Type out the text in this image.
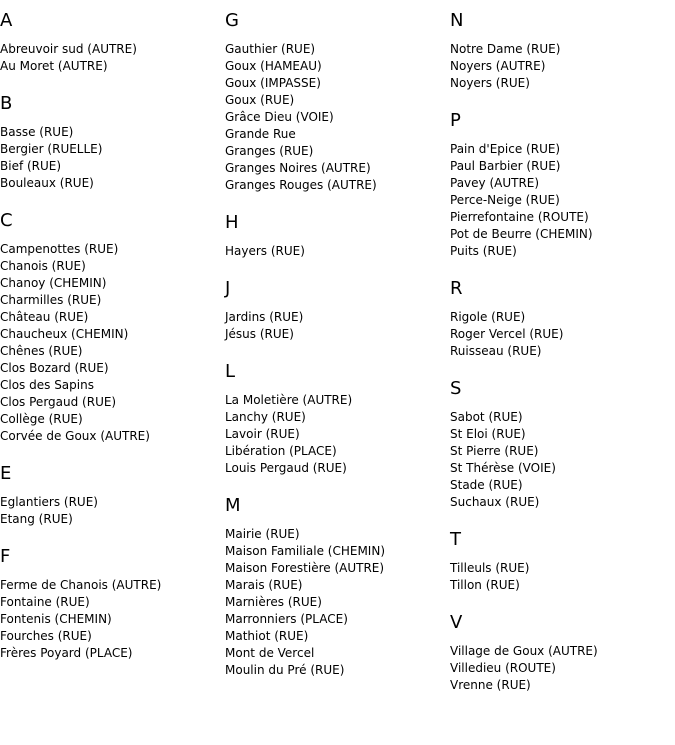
A
Abreuvoir sud (AUTRE)
Au Moret (AUTRE)
B
Basse (RUE)
Bergier (RUELLE)
Bief (RUE)
Bouleaux (RUE)
C
Campenottes (RUE)
Chanois (RUE)
Chanoy (CHEMIN)
Charmilles (RUE)
Château (RUE)
Chaucheux (CHEMIN)
Chênes (RUE)
Clos Bozard (RUE)
Clos des Sapins
Clos Pergaud (RUE)
Collège (RUE)
Corvée de Goux (AUTRE)
E
Eglantiers (RUE)
Etang (RUE)
F
Ferme de Chanois (AUTRE)
Fontaine (RUE)
Fontenis (CHEMIN)
Fourches (RUE)
Frères Poyard (PLACE)
G
Gauthier (RUE)
Goux (HAMEAU)
Goux (IMPASSE)
Goux (RUE)
Grâce Dieu (VOIE)
Grande Rue
Granges (RUE)
Granges Noires (AUTRE)
Granges Rouges (AUTRE)
H
Hayers (RUE)
J
Jardins (RUE)
Jésus (RUE)
L
La Moletière (AUTRE)
Lanchy (RUE)
Lavoir (RUE)
Libération (PLACE)
Louis Pergaud (RUE)
M
Mairie (RUE)
Maison Familiale (CHEMIN)
Maison Forestière (AUTRE)
Marais (RUE)
Marnières (RUE)
Marronniers (PLACE)
Mathiot (RUE)
Mont de Vercel
Moulin du Pré (RUE)
N
Notre Dame (RUE)
Noyers (AUTRE)
Noyers (RUE)
P
Pain d'Epice (RUE)
Paul Barbier (RUE)
Pavey (AUTRE)
Perce-Neige (RUE)
Pierrefontaine (ROUTE)
Pot de Beurre (CHEMIN)
Puits (RUE)
R
Rigole (RUE)
Roger Vercel (RUE)
Ruisseau (RUE)
S
Sabot (RUE)
St Eloi (RUE)
St Pierre (RUE)
St Thérèse (VOIE)
Stade (RUE)
Suchaux (RUE)
T
Tilleuls (RUE)
Tillon (RUE)
V
Village de Goux (AUTRE)
Villedieu (ROUTE)
Vrenne (RUE)
